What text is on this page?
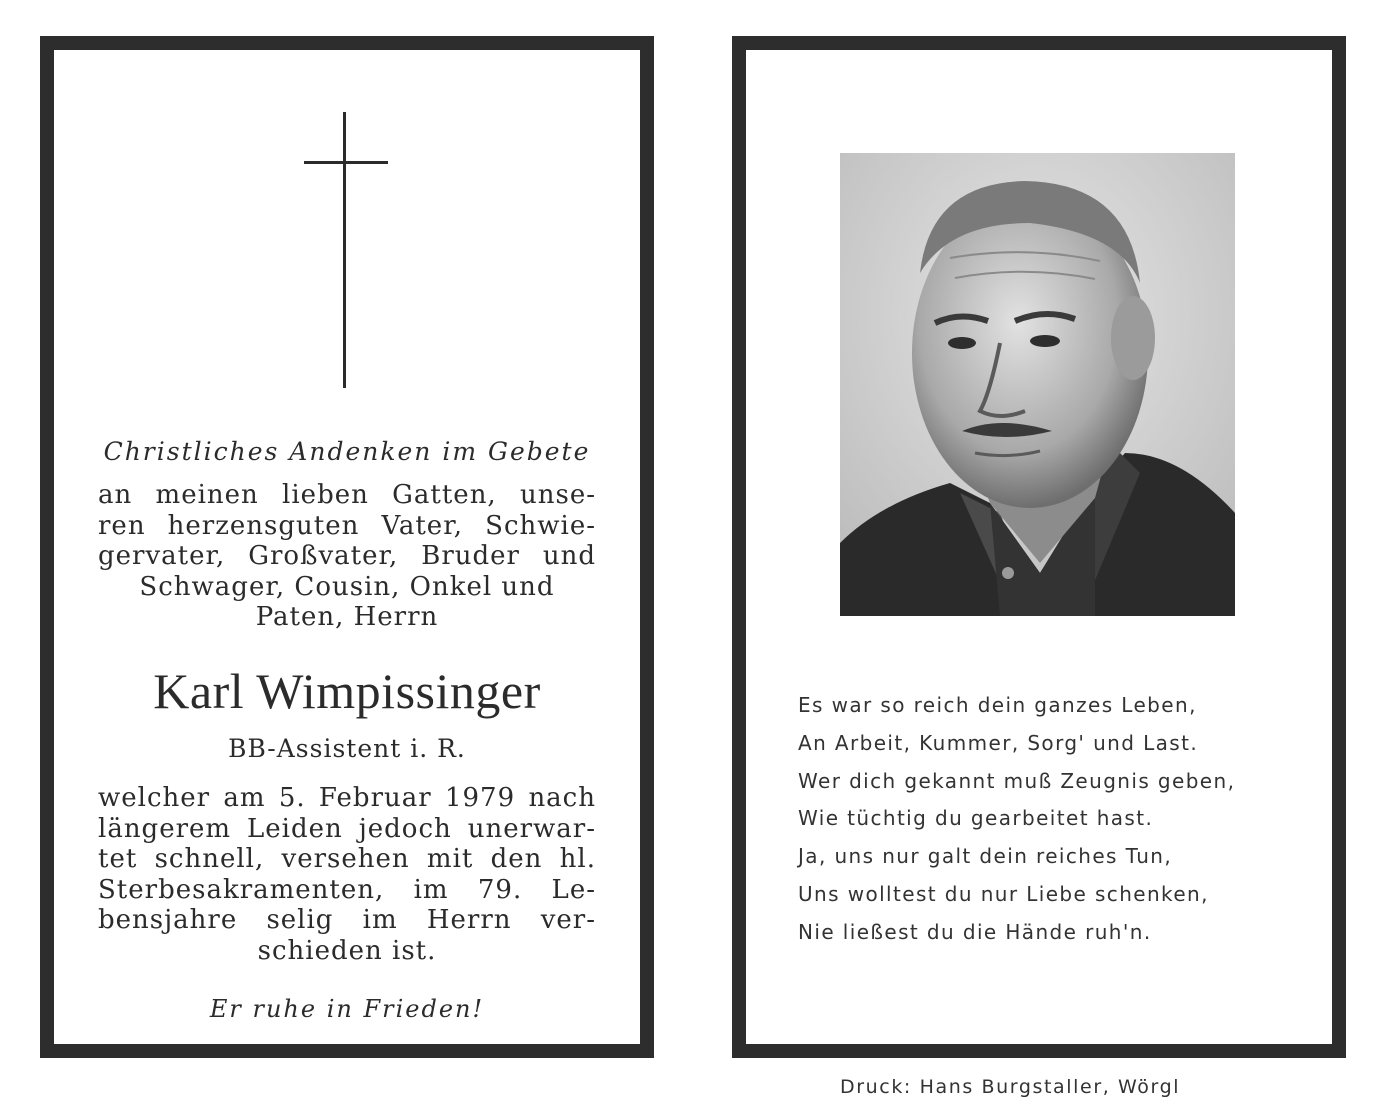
Christliches Andenken im Gebete
an meinen lieben Gatten, unse-
ren herzensguten Vater, Schwie-
gervater, Großvater, Bruder und
Schwager, Cousin, Onkel und
Paten, Herrn
Karl Wimpissinger
BB-Assistent i. R.
welcher am 5. Februar 1979 nach
längerem Leiden jedoch unerwar-
tet schnell, versehen mit den hl.
Sterbesakramenten, im 79. Le-
bensjahre selig im Herrn ver-
schieden ist.
Er ruhe in Frieden!
Es war so reich dein ganzes Leben,
An Arbeit, Kummer, Sorg' und Last.
Wer dich gekannt muß Zeugnis geben,
Wie tüchtig du gearbeitet hast.
Ja, uns nur galt dein reiches Tun,
Uns wolltest du nur Liebe schenken,
Nie ließest du die Hände ruh'n.
Druck: Hans Burgstaller, Wörgl
